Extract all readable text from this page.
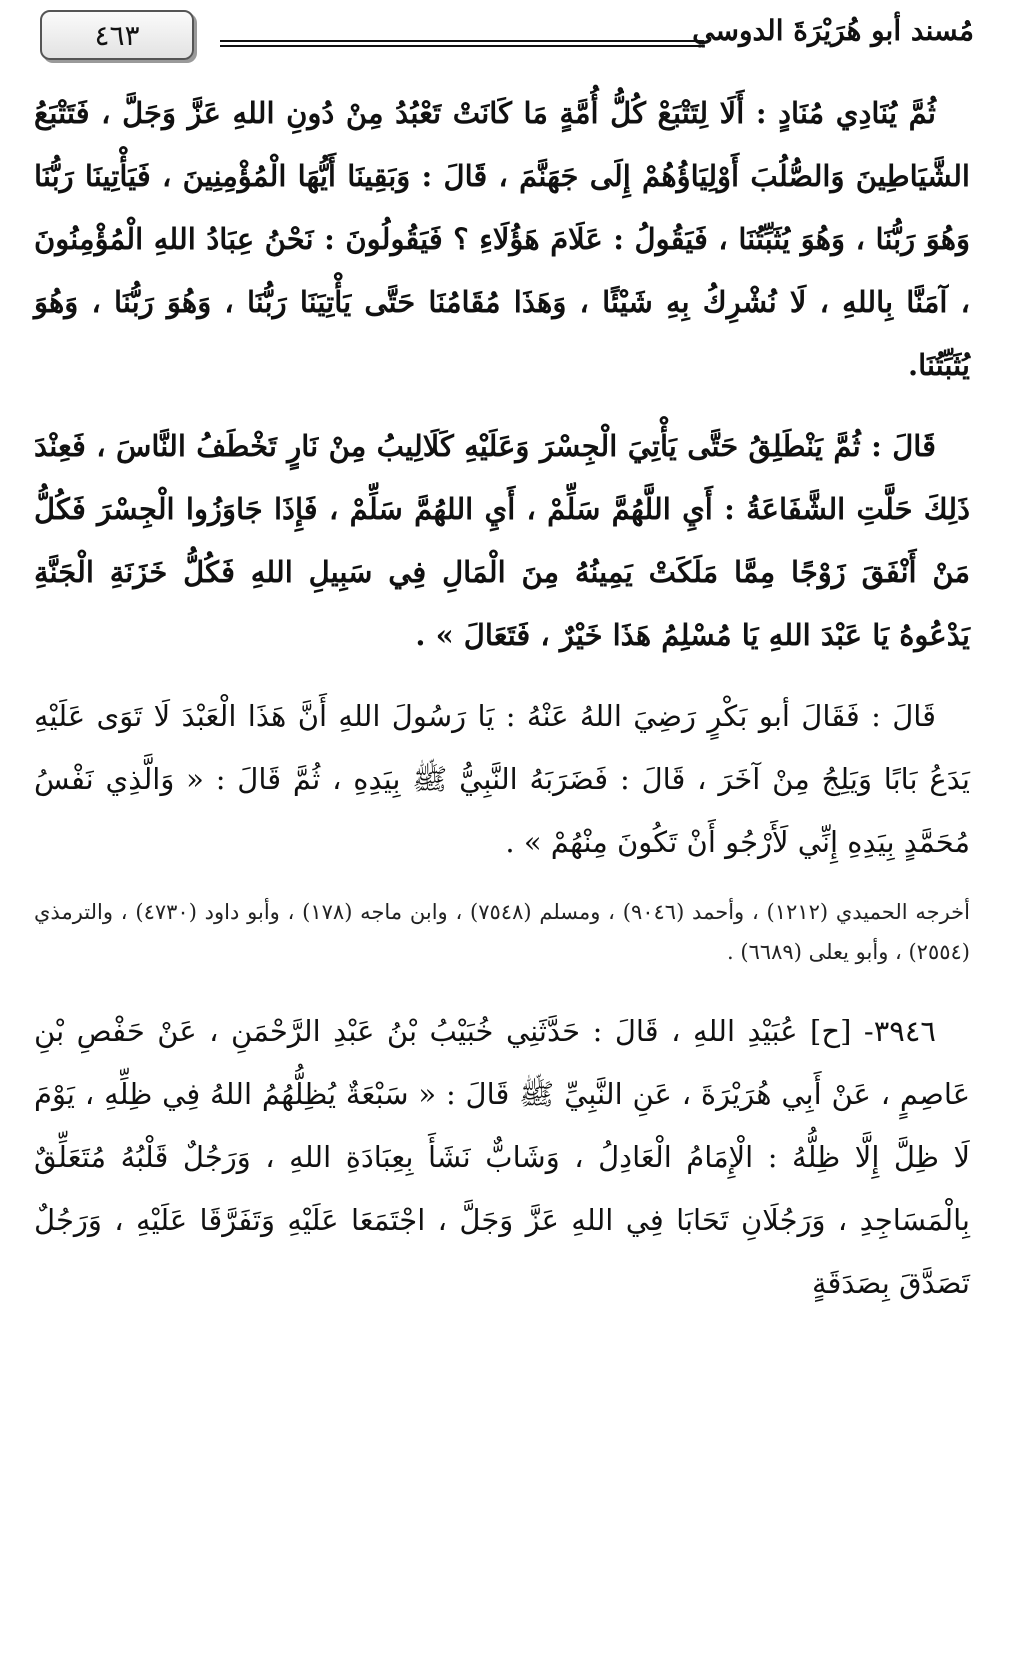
٤٦٣	مُسند أبو هُرَيْرَةَ الدوسي

ثُمَّ يُنَادِي مُنَادٍ : أَلَا لِتَتْبَعْ كُلُّ أُمَّةٍ مَا كَانَتْ تَعْبُدُ مِنْ دُونِ اللهِ عَزَّ وَجَلَّ ، فَتَتْبَعُ الشَّيَاطِينَ وَالصُّلُبَ أَوْلِيَاؤُهُمْ إِلَى جَهَنَّمَ ، قَالَ : وَبَقِينَا أَيُّهَا الْمُؤْمِنِينَ ، فَيَأْتِينَا رَبُّنَا وَهُوَ رَبُّنَا ، وَهُوَ يُثَبِّتُنَا ، فَيَقُولُ : عَلَامَ هَؤُلَاءِ ؟ فَيَقُولُونَ : نَحْنُ عِبَادُ اللهِ الْمُؤْمِنُونَ ، آمَنَّا بِاللهِ ، لَا نُشْرِكُ بِهِ شَيْئًا ، وَهَذَا مُقَامُنَا حَتَّى يَأْتِيَنَا رَبُّنَا ، وَهُوَ رَبُّنَا ، وَهُوَ يُثَبِّتُنَا.

قَالَ : ثُمَّ يَنْطَلِقُ حَتَّى يَأْتِيَ الْجِسْرَ وَعَلَيْهِ كَلَالِيبُ مِنْ نَارٍ تَخْطَفُ النَّاسَ ، فَعِنْدَ ذَلِكَ حَلَّتِ الشَّفَاعَةُ : أَيِ اللَّهُمَّ سَلِّمْ ، أَيِ اللهُمَّ سَلِّمْ ، فَإِذَا جَاوَزُوا الْجِسْرَ فَكُلُّ مَنْ أَنْفَقَ زَوْجًا مِمَّا مَلَكَتْ يَمِينُهُ مِنَ الْمَالِ فِي سَبِيلِ اللهِ فَكُلُّ خَزَنَةِ الْجَنَّةِ يَدْعُوهُ يَا عَبْدَ اللهِ يَا مُسْلِمُ هَذَا خَيْرٌ ، فَتَعَالَ » .

قَالَ : فَقَالَ أبو بَكْرٍ رَضِيَ اللهُ عَنْهُ : يَا رَسُولَ اللهِ أَنَّ هَذَا الْعَبْدَ لَا تَوَى عَلَيْهِ يَدَعُ بَابًا وَيَلِجُ مِنْ آخَرَ ، قَالَ : فَضَرَبَهُ النَّبِيُّ ﷺ بِيَدِهِ ، ثُمَّ قَالَ : « وَالَّذِي نَفْسُ مُحَمَّدٍ بِيَدِهِ إِنِّي لَأَرْجُو أَنْ تَكُونَ مِنْهُمْ » .

أخرجه الحميدي (١٢١٢) ، وأحمد (٩٠٤٦) ، ومسلم (٧٥٤٨) ، وابن ماجه (١٧٨) ، وأبو داود (٤٧٣٠) ، والترمذي (٢٥٥٤) ، وأبو يعلى (٦٦٨٩) .

٣٩٤٦- [ح] عُبَيْدِ اللهِ ، قَالَ : حَدَّثَنِي خُبَيْبُ بْنُ عَبْدِ الرَّحْمَنِ ، عَنْ حَفْصِ بْنِ عَاصِمٍ ، عَنْ أَبِي هُرَيْرَةَ ، عَنِ النَّبِيِّ ﷺ قَالَ : « سَبْعَةٌ يُظِلُّهُمُ اللهُ فِي ظِلِّهِ ، يَوْمَ لَا ظِلَّ إِلَّا ظِلُّهُ : الْإِمَامُ الْعَادِلُ ، وَشَابٌّ نَشَأَ بِعِبَادَةِ اللهِ ، وَرَجُلٌ قَلْبُهُ مُتَعَلِّقٌ بِالْمَسَاجِدِ ، وَرَجُلَانِ تَحَابَا فِي اللهِ عَزَّ وَجَلَّ ، اجْتَمَعَا عَلَيْهِ وَتَفَرَّقَا عَلَيْهِ ، وَرَجُلٌ تَصَدَّقَ بِصَدَقَةٍ
